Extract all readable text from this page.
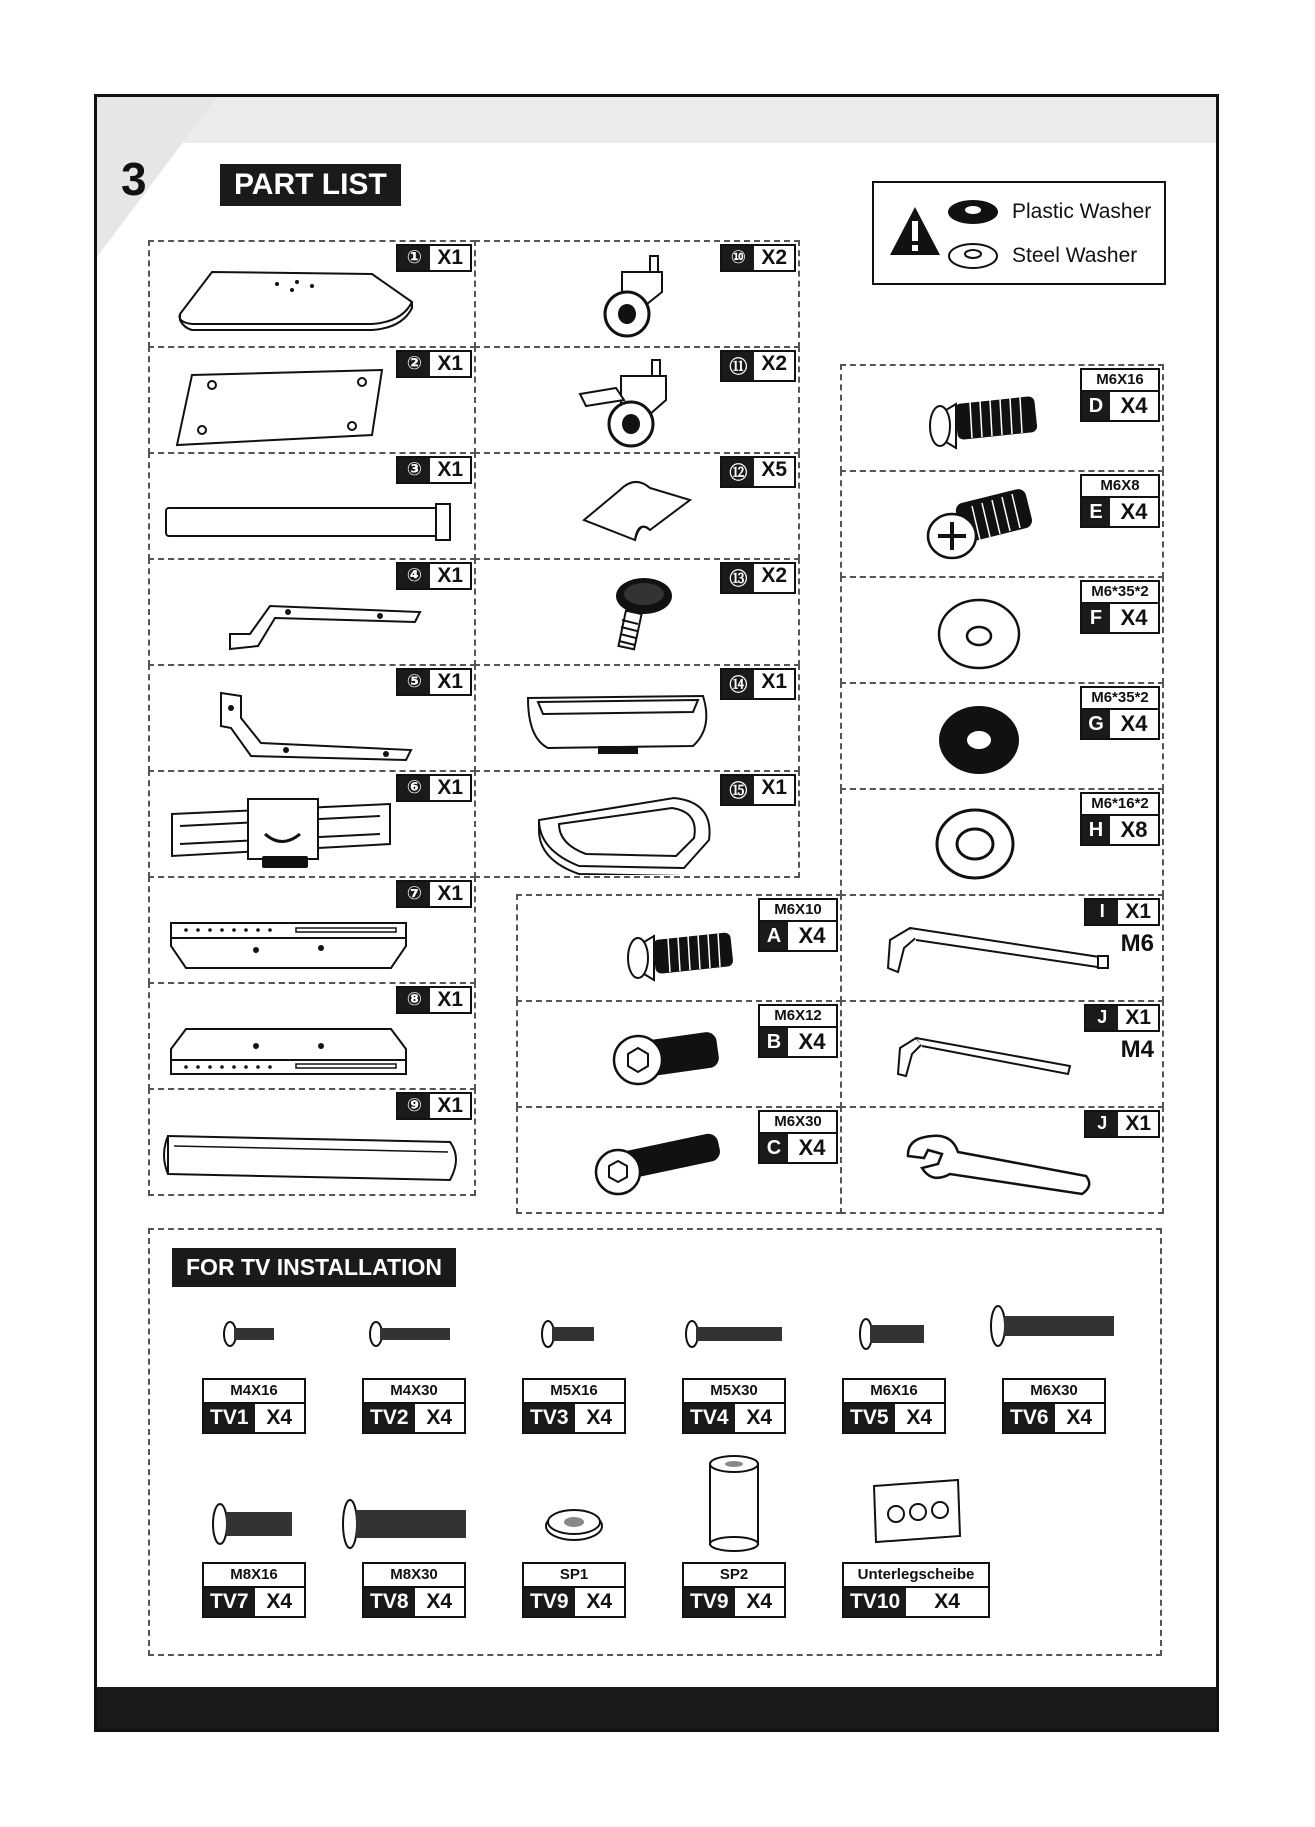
3	PART LIST
Plastic Washer
Steel Washer
① X1
② X1
③ X1
④ X1
⑤ X1
⑥ X1
⑦ X1
⑧ X1
⑨ X1
⑩ X2
⑪ X2
⑫ X5
⑬ X2
⑭ X1
⑮ X1
M6X10
A X4
M6X12
B X4
M6X30
C X4
M6X16
D X4
M6X8
E X4
M6*35*2
F X4
M6*35*2
G X4
M6*16*2
H X8
I X1
M6
J X1
M4
J X1
FOR TV INSTALLATION
M4X16
TV1 X4
M4X30
TV2 X4
M5X16
TV3 X4
M5X30
TV4 X4
M6X16
TV5 X4
M6X30
TV6 X4
M8X16
TV7 X4
M8X30
TV8 X4
SP1
TV9 X4
SP2
TV9 X4
Unterlegscheibe
TV10	X4
